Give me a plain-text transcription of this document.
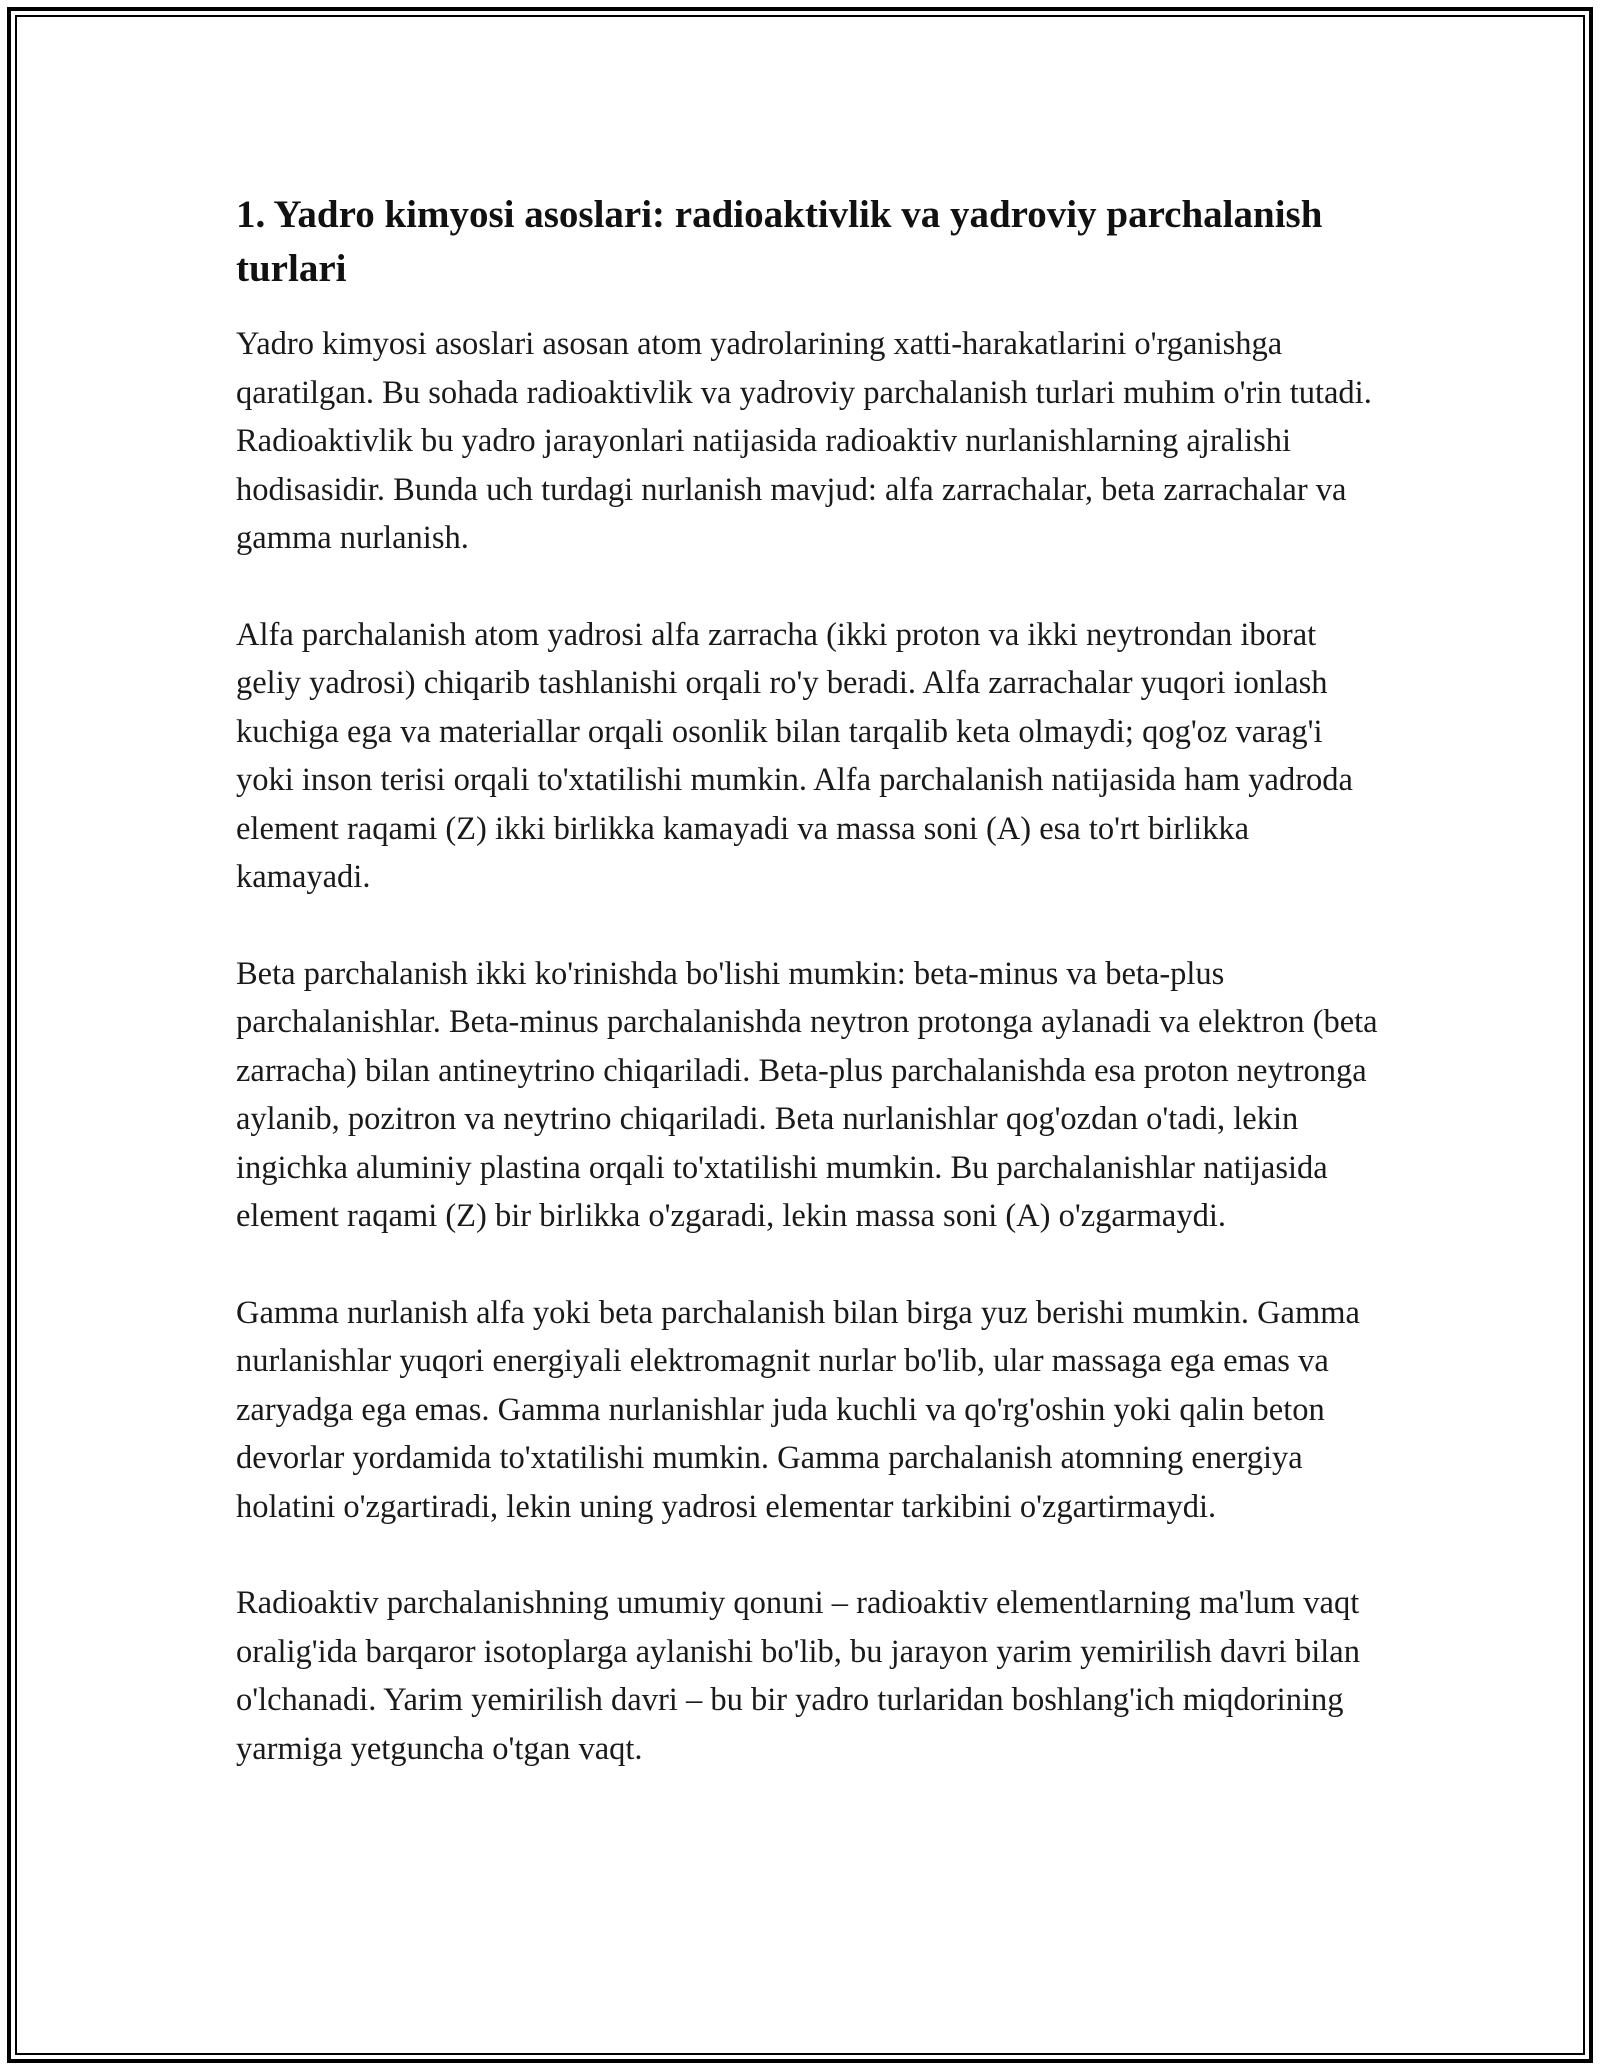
1. Yadro kimyosi asoslari: radioaktivlik va yadroviy parchalanish turlari

Yadro kimyosi asoslari asosan atom yadrolarining xatti-harakatlarini o'rganishga qaratilgan. Bu sohada radioaktivlik va yadroviy parchalanish turlari muhim o'rin tutadi. Radioaktivlik bu yadro jarayonlari natijasida radioaktiv nurlanishlarning ajralishi hodisasidir. Bunda uch turdagi nurlanish mavjud: alfa zarrachalar, beta zarrachalar va gamma nurlanish.

Alfa parchalanish atom yadrosi alfa zarracha (ikki proton va ikki neytrondan iborat geliy yadrosi) chiqarib tashlanishi orqali ro'y beradi. Alfa zarrachalar yuqori ionlash kuchiga ega va materiallar orqali osonlik bilan tarqalib keta olmaydi; qog'oz varag'i yoki inson terisi orqali to'xtatilishi mumkin. Alfa parchalanish natijasida ham yadroda element raqami (Z) ikki birlikka kamayadi va massa soni (A) esa to'rt birlikka kamayadi.

Beta parchalanish ikki ko'rinishda bo'lishi mumkin: beta-minus va beta-plus parchalanishlar. Beta-minus parchalanishda neytron protonga aylanadi va elektron (beta zarracha) bilan antineytrino chiqariladi. Beta-plus parchalanishda esa proton neytronga aylanib, pozitron va neytrino chiqariladi. Beta nurlanishlar qog'ozdan o'tadi, lekin ingichka aluminiy plastina orqali to'xtatilishi mumkin. Bu parchalanishlar natijasida element raqami (Z) bir birlikka o'zgaradi, lekin massa soni (A) o'zgarmaydi.

Gamma nurlanish alfa yoki beta parchalanish bilan birga yuz berishi mumkin. Gamma nurlanishlar yuqori energiyali elektromagnit nurlar bo'lib, ular massaga ega emas va zaryadga ega emas. Gamma nurlanishlar juda kuchli va qo'rg'oshin yoki qalin beton devorlar yordamida to'xtatilishi mumkin. Gamma parchalanish atomning energiya holatini o'zgartiradi, lekin uning yadrosi elementar tarkibini o'zgartirmaydi.

Radioaktiv parchalanishning umumiy qonuni – radioaktiv elementlarning ma'lum vaqt oralig'ida barqaror isotoplarga aylanishi bo'lib, bu jarayon yarim yemirilish davri bilan o'lchanadi. Yarim yemirilish davri – bu bir yadro turlaridan boshlang'ich miqdorining yarmiga yetguncha o'tgan vaqt.
